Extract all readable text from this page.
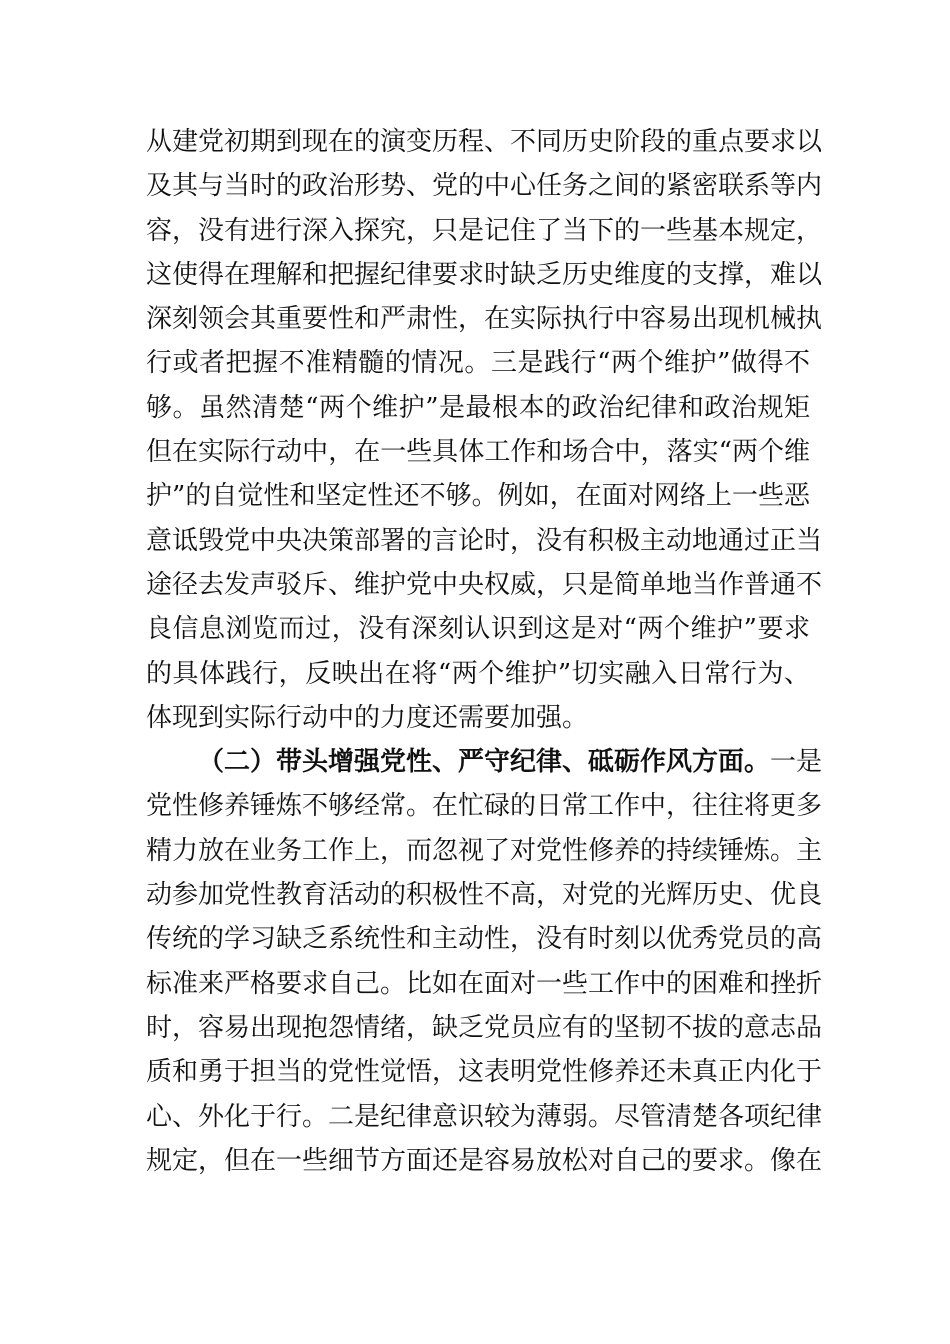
从建党初期到现在的演变历程、不同历史阶段的重点要求以
及其与当时的政治形势、党的中心任务之间的紧密联系等内
容，没有进行深入探究，只是记住了当下的一些基本规定，
这使得在理解和把握纪律要求时缺乏历史维度的支撑，难以
深刻领会其重要性和严肃性，在实际执行中容易出现机械执
行或者把握不准精髓的情况。三是践行“两个维护”做得不
够。虽然清楚“两个维护”是最根本的政治纪律和政治规矩
但在实际行动中，在一些具体工作和场合中，落实“两个维
护”的自觉性和坚定性还不够。例如，在面对网络上一些恶
意诋毁党中央决策部署的言论时，没有积极主动地通过正当
途径去发声驳斥、维护党中央权威，只是简单地当作普通不
良信息浏览而过，没有深刻认识到这是对“两个维护”要求
的具体践行，反映出在将“两个维护”切实融入日常行为、
体现到实际行动中的力度还需要加强。
（二）带头增强党性、严守纪律、砥砺作风方面。一是
党性修养锤炼不够经常。在忙碌的日常工作中，往往将更多
精力放在业务工作上，而忽视了对党性修养的持续锤炼。主
动参加党性教育活动的积极性不高，对党的光辉历史、优良
传统的学习缺乏系统性和主动性，没有时刻以优秀党员的高
标准来严格要求自己。比如在面对一些工作中的困难和挫折
时，容易出现抱怨情绪，缺乏党员应有的坚韧不拔的意志品
质和勇于担当的党性觉悟，这表明党性修养还未真正内化于
心、外化于行。二是纪律意识较为薄弱。尽管清楚各项纪律
规定，但在一些细节方面还是容易放松对自己的要求。像在
